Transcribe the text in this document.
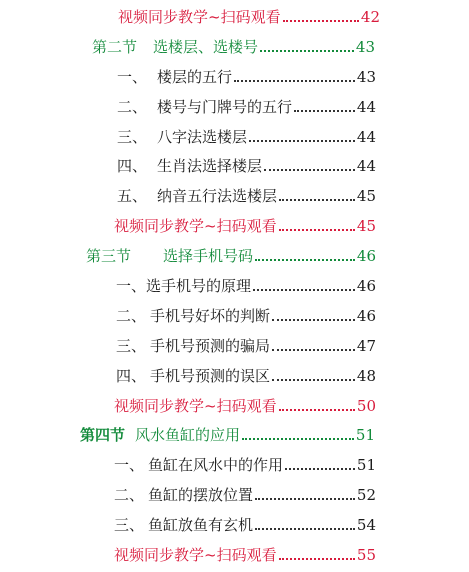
视频同步教学~扫码观看	42
第二节 选楼层、选楼号	43
一、 楼层的五行	43
二、 楼号与门牌号的五行	44
三、 八字法选楼层	44
四、 生肖法选择楼层	44
五、 纳音五行法选楼层	45
视频同步教学~扫码观看	45
第三节 选择手机号码	46
一、 选手机号的原理	46
二、 手机号好坏的判断	46
三、 手机号预测的骗局	47
四、 手机号预测的误区	48
视频同步教学~扫码观看	50
第四节 风水鱼缸的应用	51
一、 鱼缸在风水中的作用	51
二、 鱼缸的摆放位置	52
三、 鱼缸放鱼有玄机	54
视频同步教学~扫码观看	55
